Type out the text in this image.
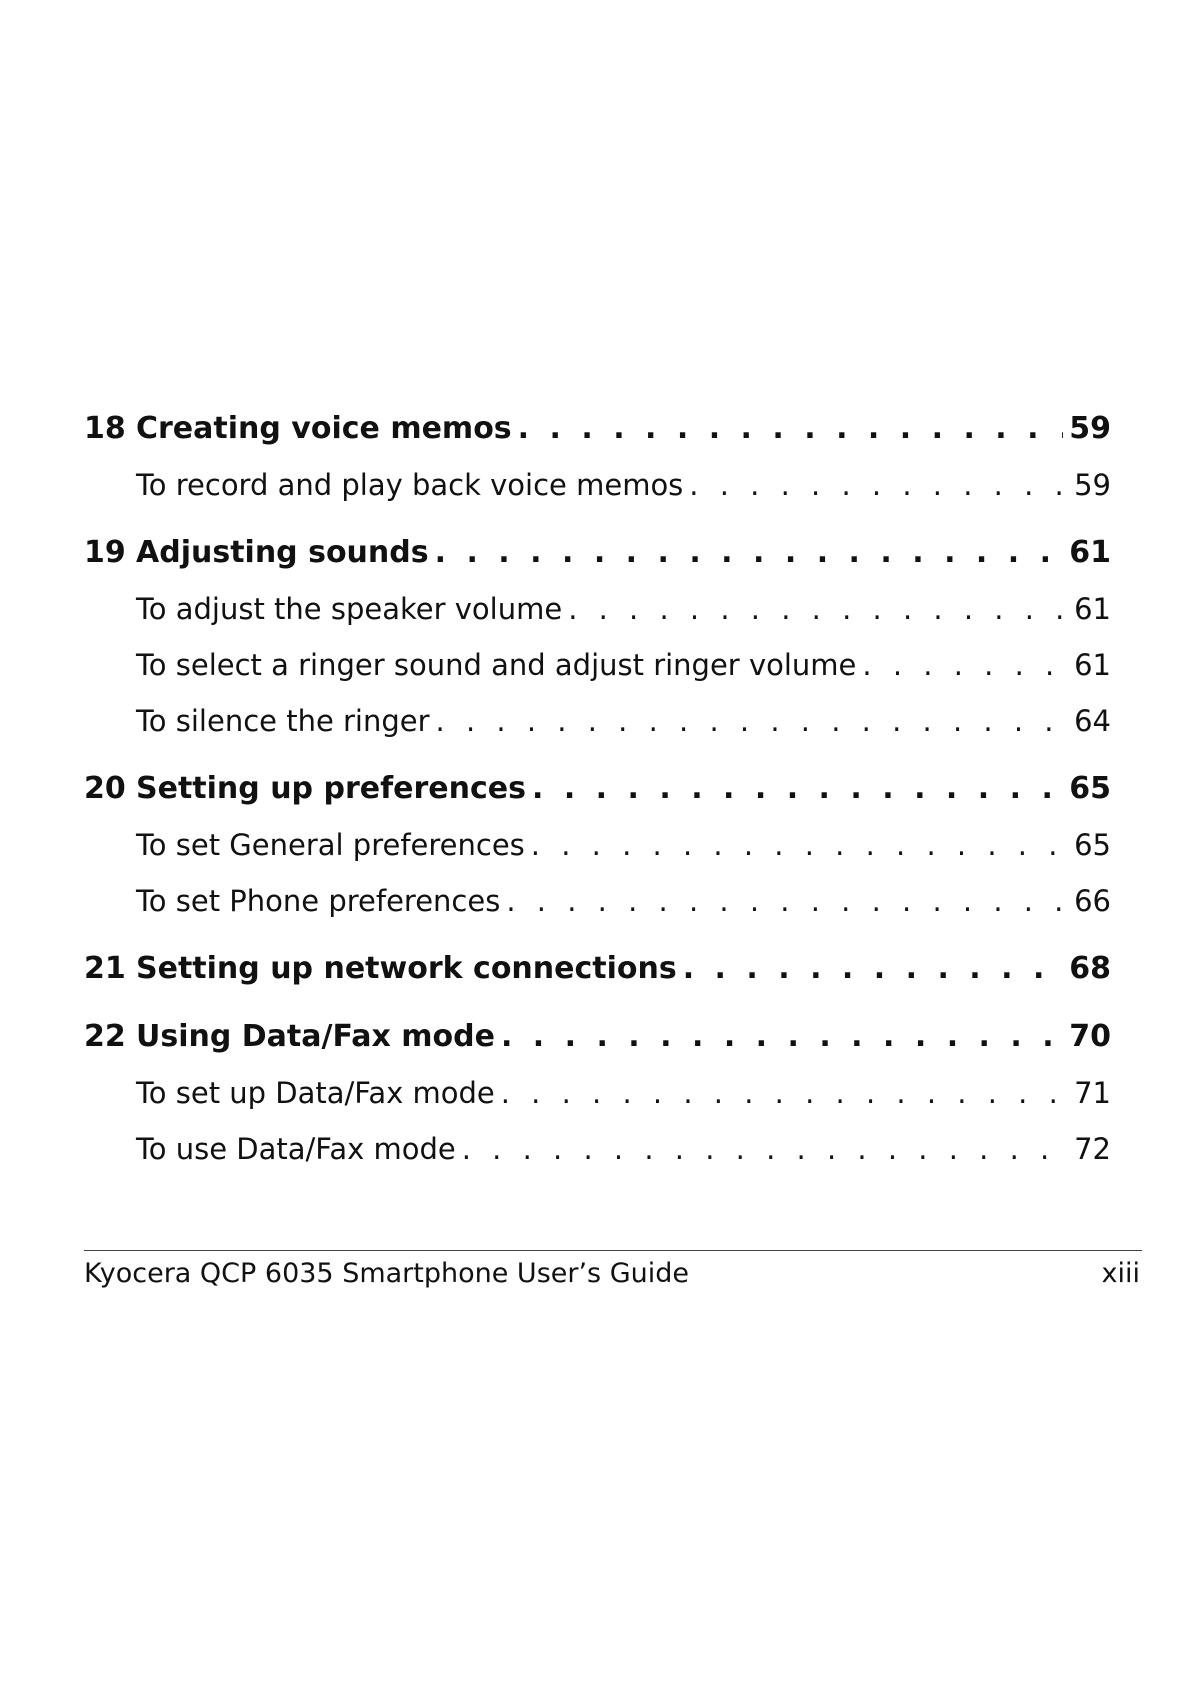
18 Creating voice memos . . .	59
To record and play back voice memos . . .	59
19 Adjusting sounds . . .	61
To adjust the speaker volume . . .	61
To select a ringer sound and adjust ringer volume . . .	61
To silence the ringer . . .	64
20 Setting up preferences . . .	65
To set General preferences . . .	65
To set Phone preferences . . .	66
21 Setting up network connections . . .	68
22 Using Data/Fax mode . . .	70
To set up Data/Fax mode . . .	71
To use Data/Fax mode . . .	72
Kyocera QCP 6035 Smartphone User’s Guide	xiii
